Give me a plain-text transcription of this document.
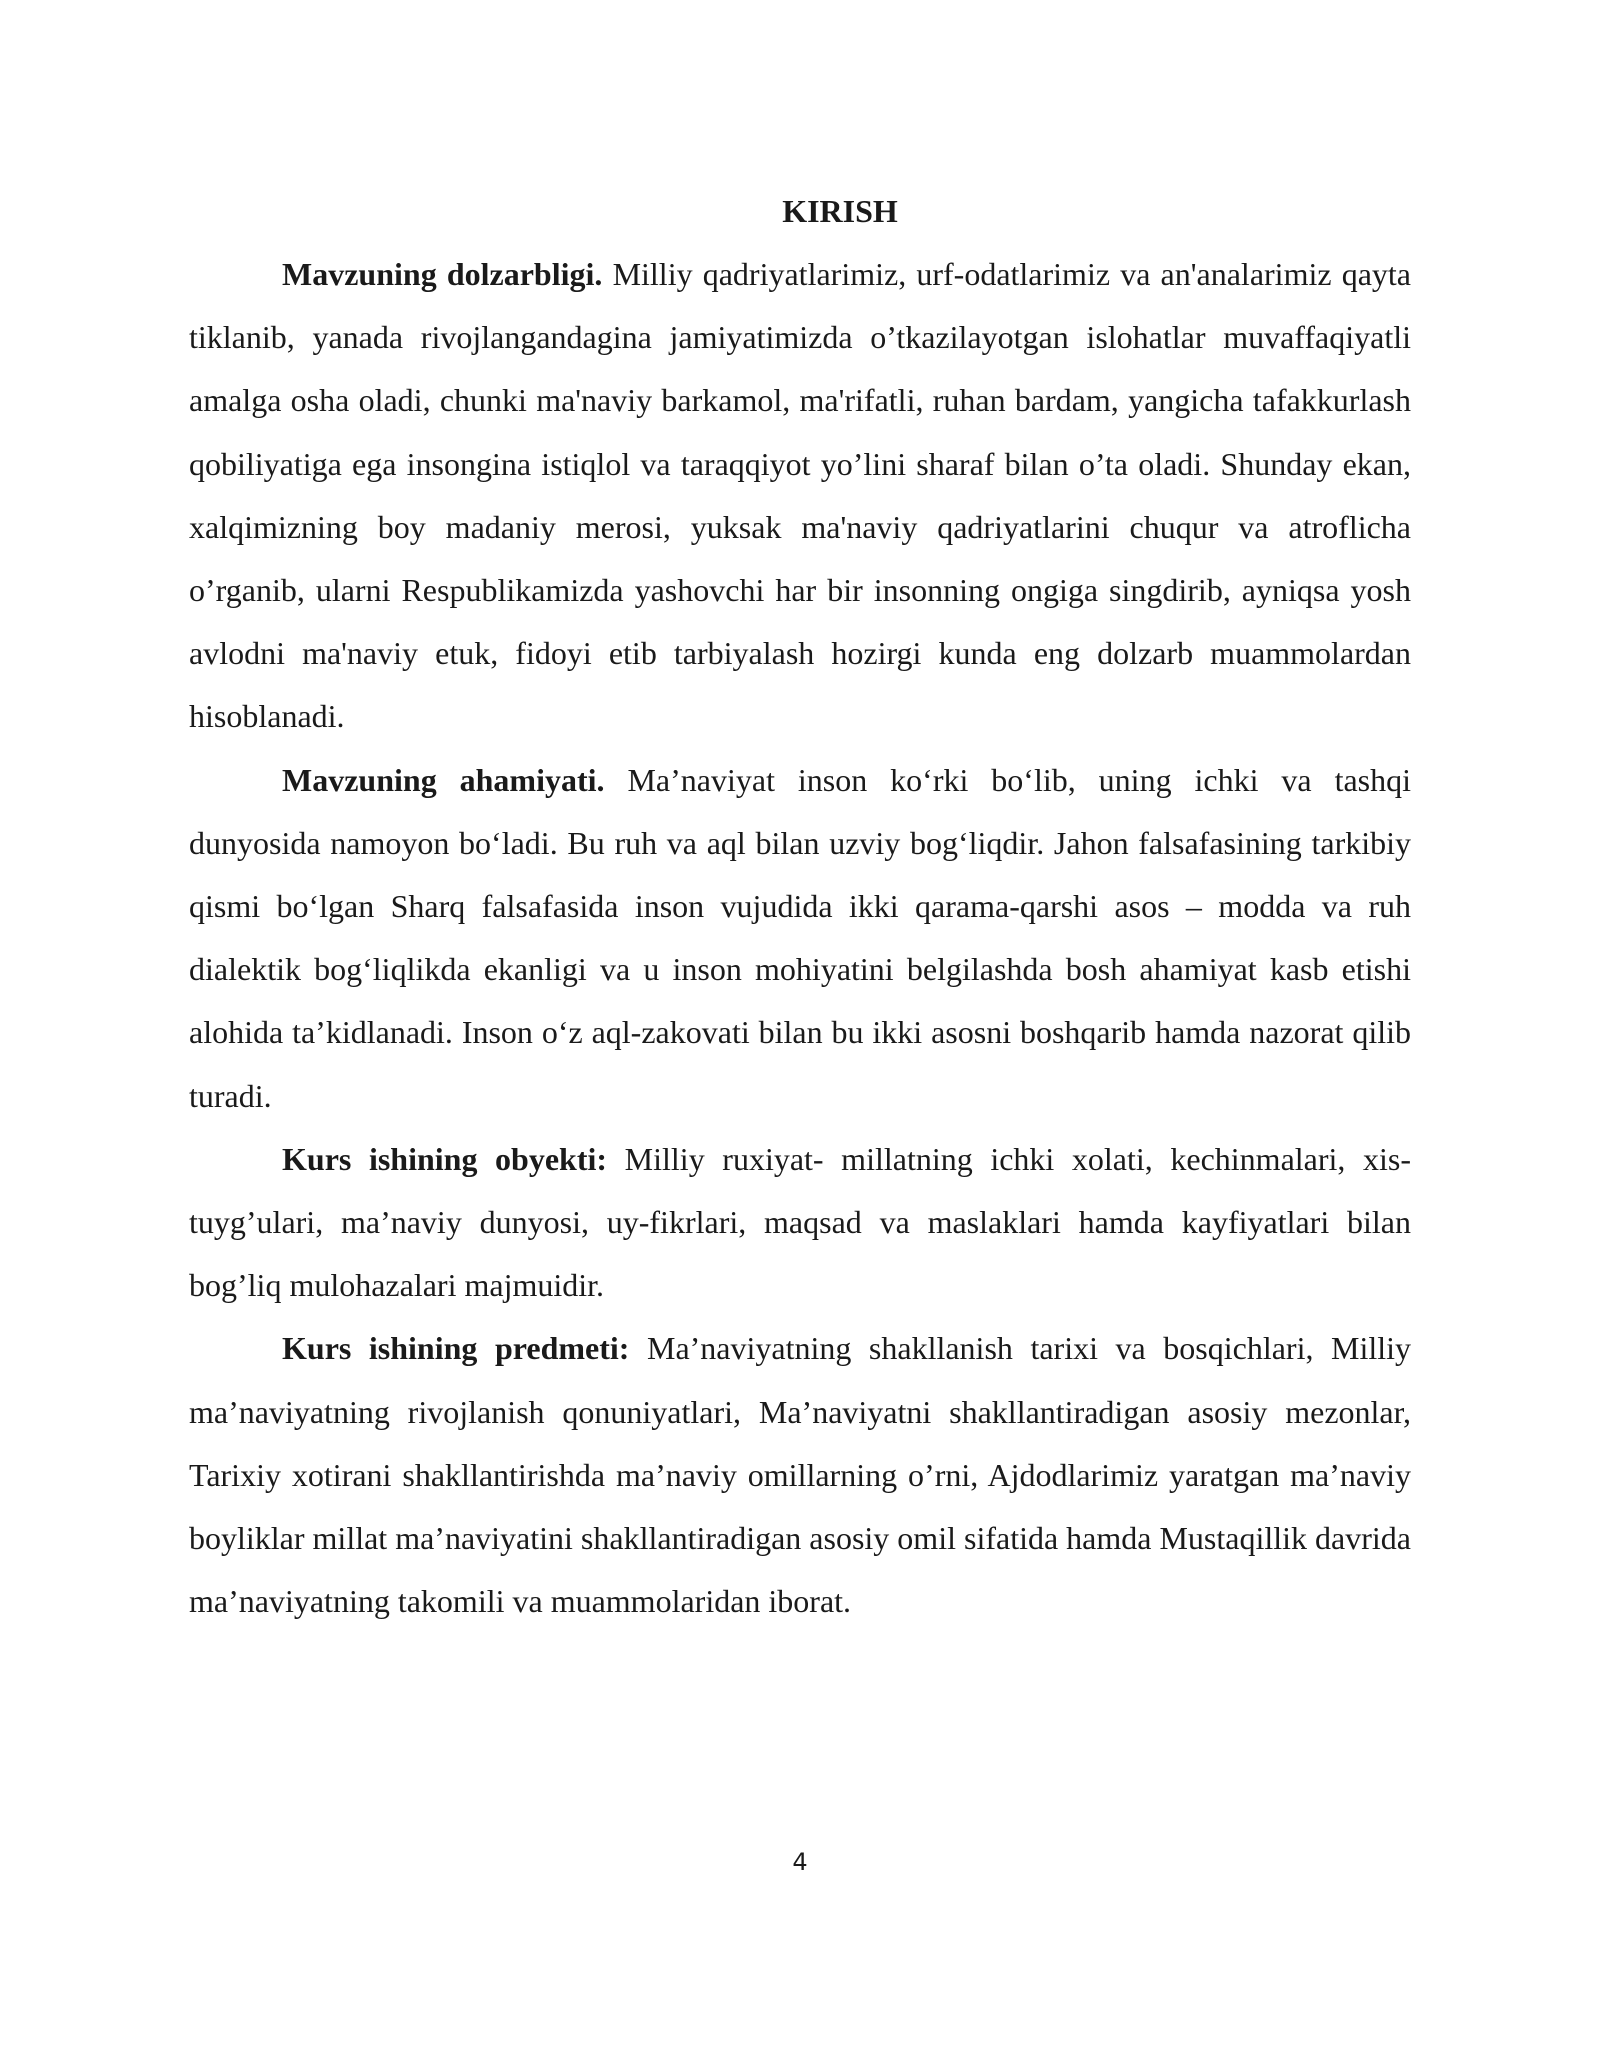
KIRISH

Mavzuning dolzarbligi. Milliy qadriyatlarimiz, urf-odatlarimiz va an'analarimiz qayta tiklanib, yanada rivojlangandagina jamiyatimizda o’tkazilayotgan islohatlar muvaffaqiyatli amalga osha oladi, chunki ma'naviy barkamol, ma'rifatli, ruhan bardam, yangicha tafakkurlash qobiliyatiga ega insongina istiqlol va taraqqiyot yo’lini sharaf bilan o’ta oladi. Shunday ekan, xalqimizning boy madaniy merosi, yuksak ma'naviy qadriyatlarini chuqur va atroflicha o’rganib, ularni Respublikamizda yashovchi har bir insonning ongiga singdirib, ayniqsa yosh avlodni ma'naviy etuk, fidoyi etib tarbiyalash hozirgi kunda eng dolzarb muammolardan hisoblanadi.

Mavzuning ahamiyati. Ma’naviyat inson ko‘rki bo‘lib, uning ichki va tashqi dunyosida namoyon bo‘ladi. Bu ruh va aql bilan uzviy bog‘liqdir. Jahon falsafasining tarkibiy qismi bo‘lgan Sharq falsafasida inson vujudida ikki qarama-qarshi asos – modda va ruh dialektik bog‘liqlikda ekanligi va u inson mohiyatini belgilashda bosh ahamiyat kasb etishi alohida ta’kidlanadi. Inson o‘z aql-zakovati bilan bu ikki asosni boshqarib hamda nazorat qilib turadi.

Kurs ishining obyekti: Milliy ruxiyat- millatning ichki xolati, kechinmalari, xis-tuyg’ulari, ma’naviy dunyosi, uy-fikrlari, maqsad va maslaklari hamda kayfiyatlari bilan bog’liq mulohazalari majmuidir.

Kurs ishining predmeti: Ma’naviyatning shakllanish tarixi va bosqichlari, Milliy ma’naviyatning rivojlanish qonuniyatlari, Ma’naviyatni shakllantiradigan asosiy mezonlar, Tarixiy xotirani shakllantirishda ma’naviy omillarning o’rni, Ajdodlarimiz yaratgan ma’naviy boyliklar millat ma’naviyatini shakllantiradigan asosiy omil sifatida hamda Mustaqillik davrida ma’naviyatning takomili va muammolaridan iborat.

4
